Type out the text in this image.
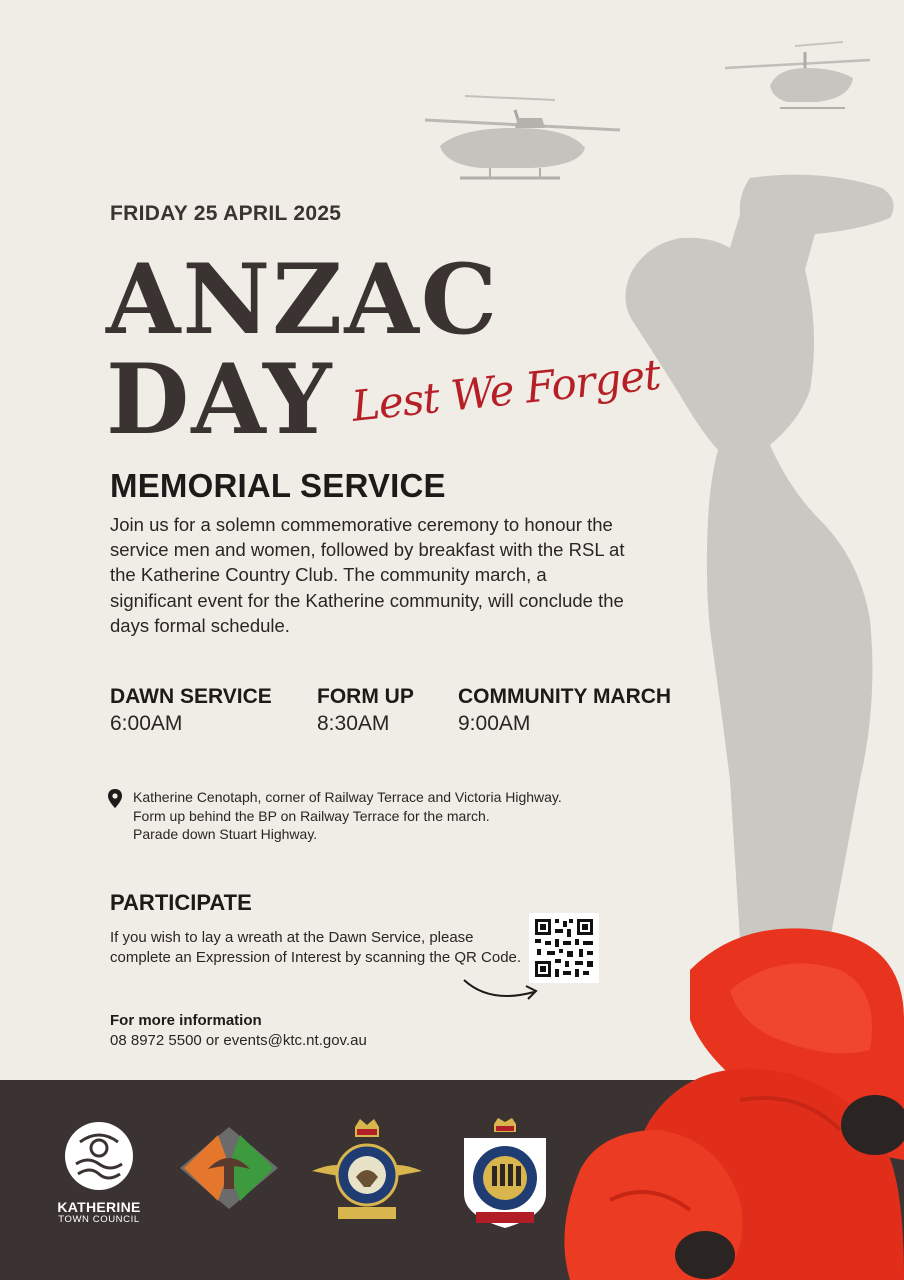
FRIDAY 25 APRIL 2025
ANZAC
DAY Lest We Forget
MEMORIAL SERVICE
Join us for a solemn commemorative ceremony to honour the service men and women, followed by breakfast with the RSL at the Katherine Country Club. The community march, a significant event for the Katherine community, will conclude the days formal schedule.
DAWN SERVICE
6:00AM
FORM UP
8:30AM
COMMUNITY MARCH
9:00AM
Katherine Cenotaph, corner of Railway Terrace and Victoria Highway.
Form up behind the BP on Railway Terrace for the march.
Parade down Stuart Highway.
PARTICIPATE
If you wish to lay a wreath at the Dawn Service, please complete an Expression of Interest by scanning the QR Code.
For more information
08 8972 5500 or events@ktc.nt.gov.au
KATHERINE
TOWN COUNCIL
